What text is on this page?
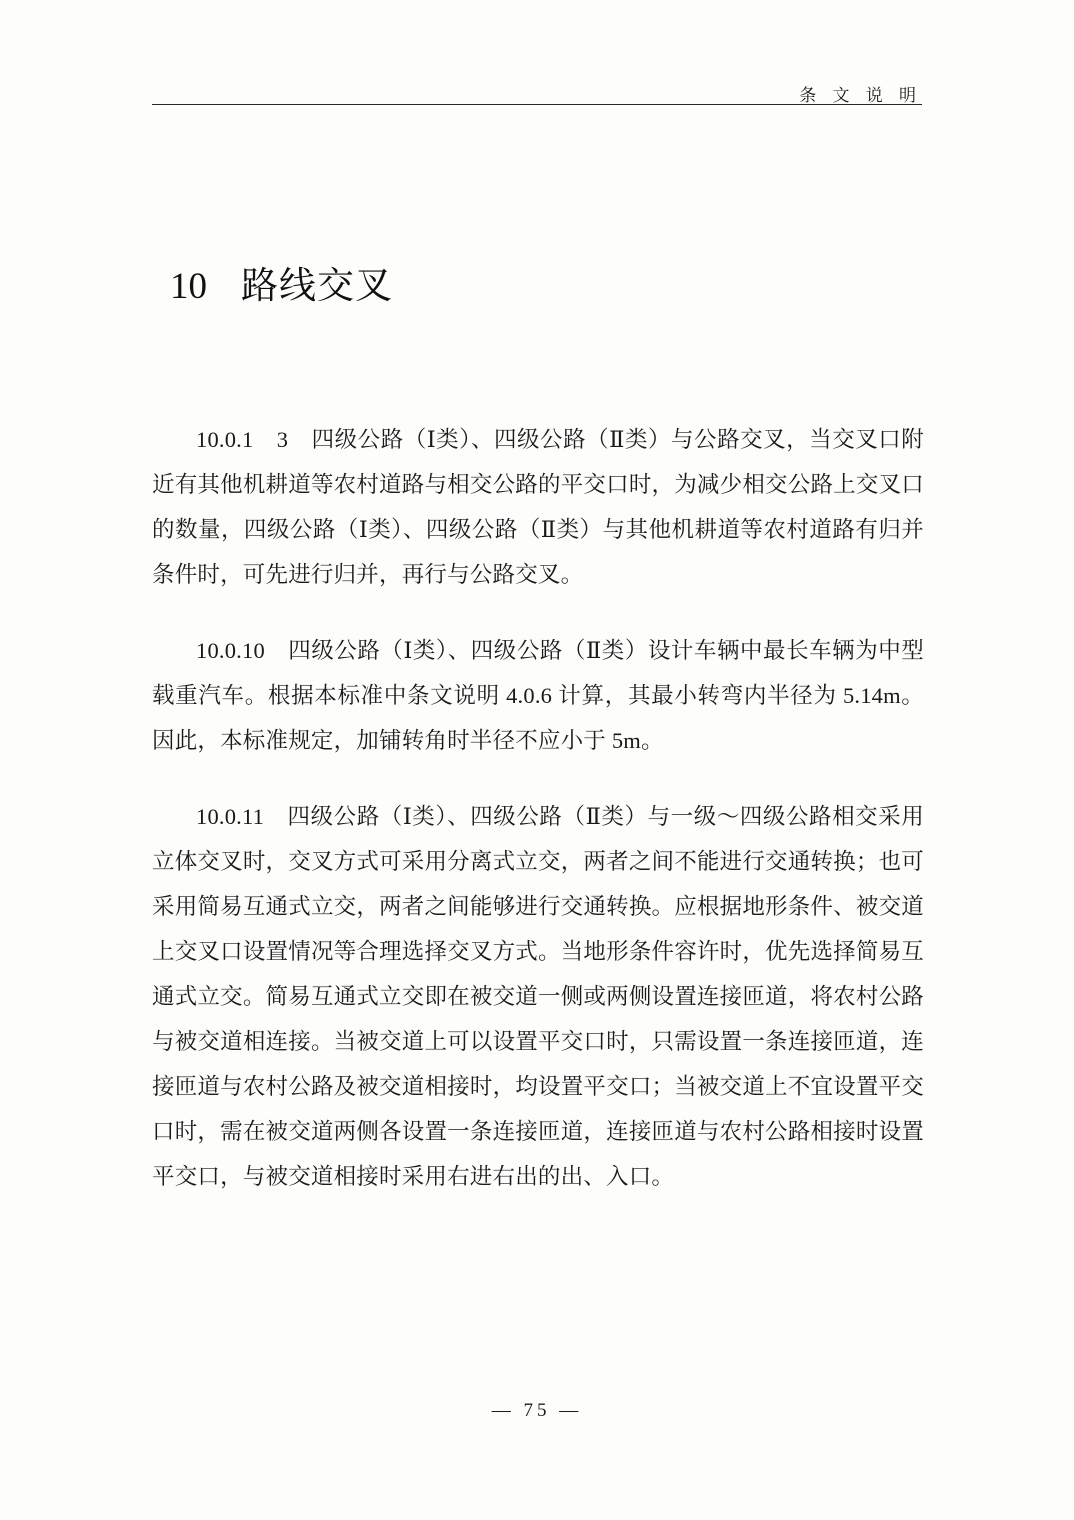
条 文 说 明
10 路线交叉

10.0.1　3　四级公路（Ⅰ类）、四级公路（Ⅱ类）与公路交叉，当交叉口附近有其他机耕道等农村道路与相交公路的平交口时，为减少相交公路上交叉口的数量，四级公路（Ⅰ类）、四级公路（Ⅱ类）与其他机耕道等农村道路有归并条件时，可先进行归并，再行与公路交叉。

10.0.10　四级公路（Ⅰ类）、四级公路（Ⅱ类）设计车辆中最长车辆为中型载重汽车。根据本标准中条文说明 4.0.6 计算，其最小转弯内半径为 5.14m。因此，本标准规定，加铺转角时半径不应小于 5m。

10.0.11　四级公路（Ⅰ类）、四级公路（Ⅱ类）与一级～四级公路相交采用立体交叉时，交叉方式可采用分离式立交，两者之间不能进行交通转换；也可采用简易互通式立交，两者之间能够进行交通转换。应根据地形条件、被交道上交叉口设置情况等合理选择交叉方式。当地形条件容许时，优先选择简易互通式立交。简易互通式立交即在被交道一侧或两侧设置连接匝道，将农村公路与被交道相连接。当被交道上可以设置平交口时，只需设置一条连接匝道，连接匝道与农村公路及被交道相接时，均设置平交口；当被交道上不宜设置平交口时，需在被交道两侧各设置一条连接匝道，连接匝道与农村公路相接时设置平交口，与被交道相接时采用右进右出的出、入口。

— 75 —
